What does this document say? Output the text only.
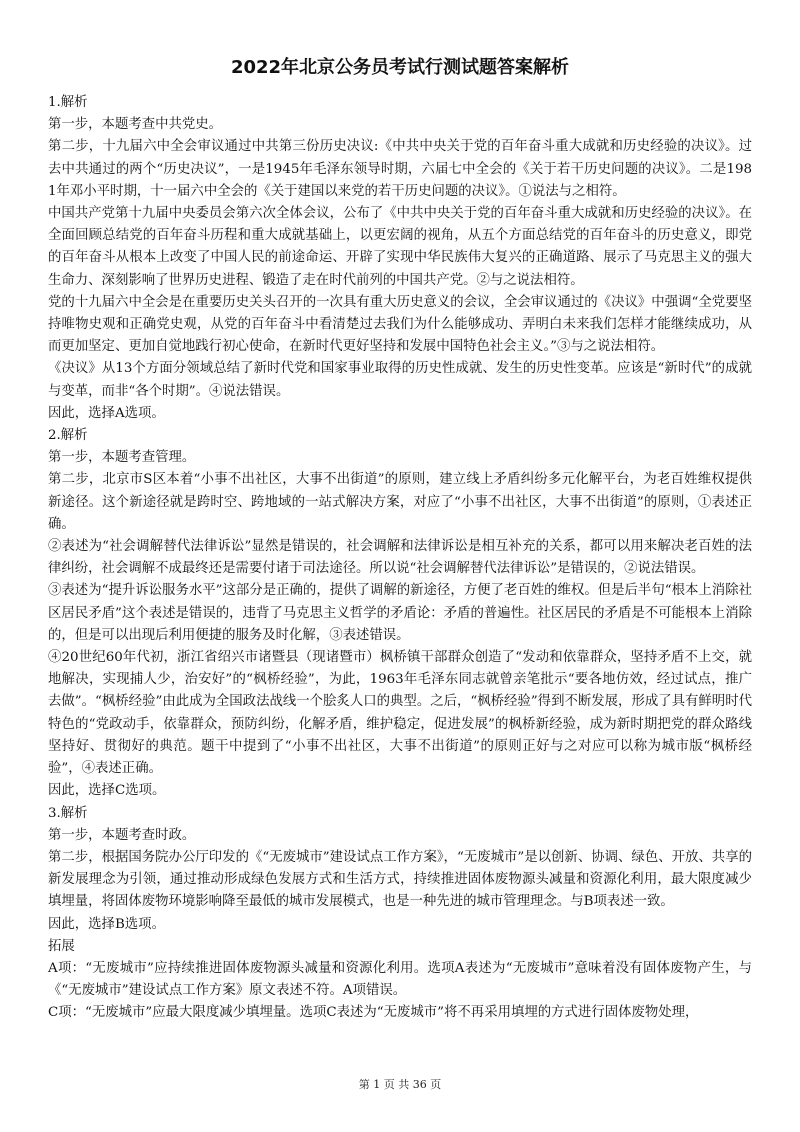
2022年北京公务员考试行测试题答案解析

1.解析

第一步，本题考查中共党史。

第二步，十九届六中全会审议通过中共第三份历史决议:《中共中央关于党的百年奋斗重大成就和历史经验的决议》。过去中共通过的两个“历史决议”，一是1945年毛泽东领导时期，六届七中全会的《关于若干历史问题的决议》。二是1981年邓小平时期，十一届六中全会的《关于建国以来党的若干历史问题的决议》。①说法与之相符。

中国共产党第十九届中央委员会第六次全体会议，公布了《中共中央关于党的百年奋斗重大成就和历史经验的决议》。在全面回顾总结党的百年奋斗历程和重大成就基础上，以更宏阔的视角，从五个方面总结党的百年奋斗的历史意义，即党的百年奋斗从根本上改变了中国人民的前途命运、开辟了实现中华民族伟大复兴的正确道路、展示了马克思主义的强大生命力、深刻影响了世界历史进程、锻造了走在时代前列的中国共产党。②与之说法相符。

党的十九届六中全会是在重要历史关头召开的一次具有重大历史意义的会议，全会审议通过的《决议》中强调“全党要坚持唯物史观和正确党史观，从党的百年奋斗中看清楚过去我们为什么能够成功、弄明白未来我们怎样才能继续成功，从而更加坚定、更加自觉地践行初心使命，在新时代更好坚持和发展中国特色社会主义。”③与之说法相符。

《决议》从13个方面分领域总结了新时代党和国家事业取得的历史性成就、发生的历史性变革。应该是“新时代”的成就与变革，而非“各个时期”。④说法错误。

因此，选择A选项。

2.解析

第一步，本题考查管理。

第二步，北京市S区本着“小事不出社区，大事不出街道”的原则，建立线上矛盾纠纷多元化解平台，为老百姓维权提供新途径。这个新途径就是跨时空、跨地域的一站式解决方案，对应了“小事不出社区，大事不出街道”的原则，①表述正确。

②表述为“社会调解替代法律诉讼”显然是错误的，社会调解和法律诉讼是相互补充的关系，都可以用来解决老百姓的法律纠纷，社会调解不成最终还是需要付诸于司法途径。所以说“社会调解替代法律诉讼”是错误的，②说法错误。

③表述为“提升诉讼服务水平”这部分是正确的，提供了调解的新途径，方便了老百姓的维权。但是后半句“根本上消除社区居民矛盾”这个表述是错误的，违背了马克思主义哲学的矛盾论：矛盾的普遍性。社区居民的矛盾是不可能根本上消除的，但是可以出现后利用便捷的服务及时化解，③表述错误。

④20世纪60年代初，浙江省绍兴市诸暨县（现诸暨市）枫桥镇干部群众创造了“发动和依靠群众，坚持矛盾不上交，就地解决，实现捕人少，治安好”的“枫桥经验”，为此，1963年毛泽东同志就曾亲笔批示“要各地仿效，经过试点，推广去做”。“枫桥经验”由此成为全国政法战线一个脍炙人口的典型。之后，“枫桥经验”得到不断发展，形成了具有鲜明时代特色的“党政动手，依靠群众，预防纠纷，化解矛盾，维护稳定，促进发展”的枫桥新经验，成为新时期把党的群众路线坚持好、贯彻好的典范。题干中提到了“小事不出社区，大事不出街道”的原则正好与之对应可以称为城市版“枫桥经验”，④表述正确。

因此，选择C选项。

3.解析

第一步，本题考查时政。

第二步，根据国务院办公厅印发的《“无废城市”建设试点工作方案》，“无废城市”是以创新、协调、绿色、开放、共享的新发展理念为引领，通过推动形成绿色发展方式和生活方式，持续推进固体废物源头减量和资源化利用，最大限度减少填埋量，将固体废物环境影响降至最低的城市发展模式，也是一种先进的城市管理理念。与B项表述一致。

因此，选择B选项。

拓展

A项：“无废城市”应持续推进固体废物源头减量和资源化利用。选项A表述为“无废城市”意味着没有固体废物产生，与《“无废城市”建设试点工作方案》原文表述不符。A项错误。

C项：“无废城市”应最大限度减少填埋量。选项C表述为“无废城市”将不再采用填埋的方式进行固体废物处理，

第 1 页 共 36 页
